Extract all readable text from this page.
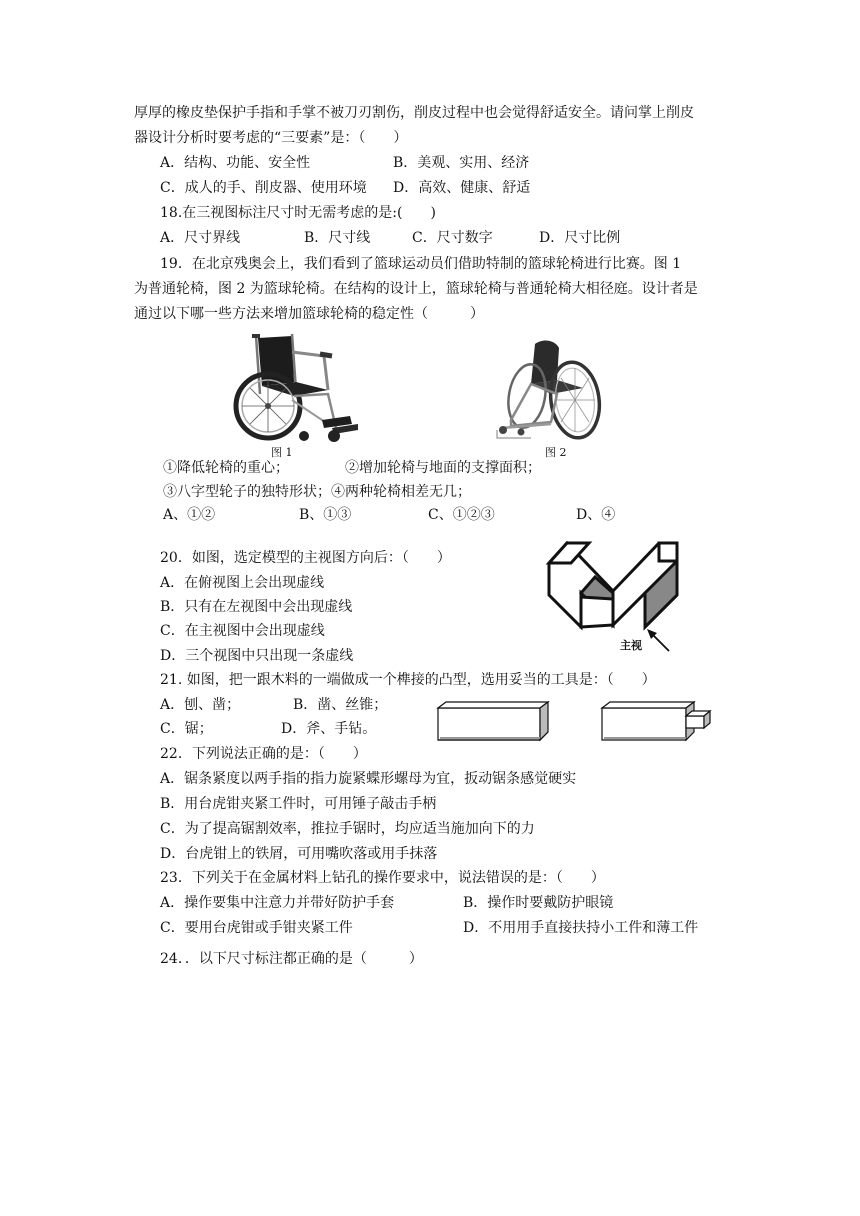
厚厚的橡皮垫保护手指和手掌不被刀刃割伤，削皮过程中也会觉得舒适安全。请问掌上削皮
器设计分析时要考虑的“三要素”是：（　　）
A．结构、功能、安全性	B．美观、实用、经济
C．成人的手、削皮器、使用环境 D．高效、健康、舒适
18.在三视图标注尺寸时无需考虑的是:(　　)
A．尺寸界线	B．尺寸线	C．尺寸数字	D．尺寸比例
19．在北京残奥会上，我们看到了篮球运动员们借助特制的篮球轮椅进行比赛。图 1
为普通轮椅，图 2 为篮球轮椅。在结构的设计上，篮球轮椅与普通轮椅大相径庭。设计者是
通过以下哪一些方法来增加篮球轮椅的稳定性（　　　）
图 1	图 2
①降低轮椅的重心；	②增加轮椅与地面的支撑面积；
③八字型轮子的独特形状；④两种轮椅相差无几；
A、①②	B、①③	C、①②③	D、④
20．如图，选定模型的主视图方向后：（　　）
A．在俯视图上会出现虚线
B．只有在左视图中会出现虚线
C．在主视图中会出现虚线
D．三个视图中只出现一条虚线
主视
21. 如图，把一跟木料的一端做成一个榫接的凸型，选用妥当的工具是：（　　）
A．刨、凿；	B．凿、丝锥；
C．锯；	D．斧、手钻。
22．下列说法正确的是：（　　）
A．锯条紧度以两手指的指力旋紧蝶形螺母为宜，扳动锯条感觉硬实
B．用台虎钳夹紧工件时，可用锤子敲击手柄
C．为了提高锯割效率，推拉手锯时，均应适当施加向下的力
D．台虎钳上的铁屑，可用嘴吹落或用手抹落
23．下列关于在金属材料上钻孔的操作要求中，说法错误的是：（　　）
A．操作要集中注意力并带好防护手套	B．操作时要戴防护眼镜
C．要用台虎钳或手钳夹紧工件	D．不用用手直接扶持小工件和薄工件
24．．以下尺寸标注都正确的是（　　　）
